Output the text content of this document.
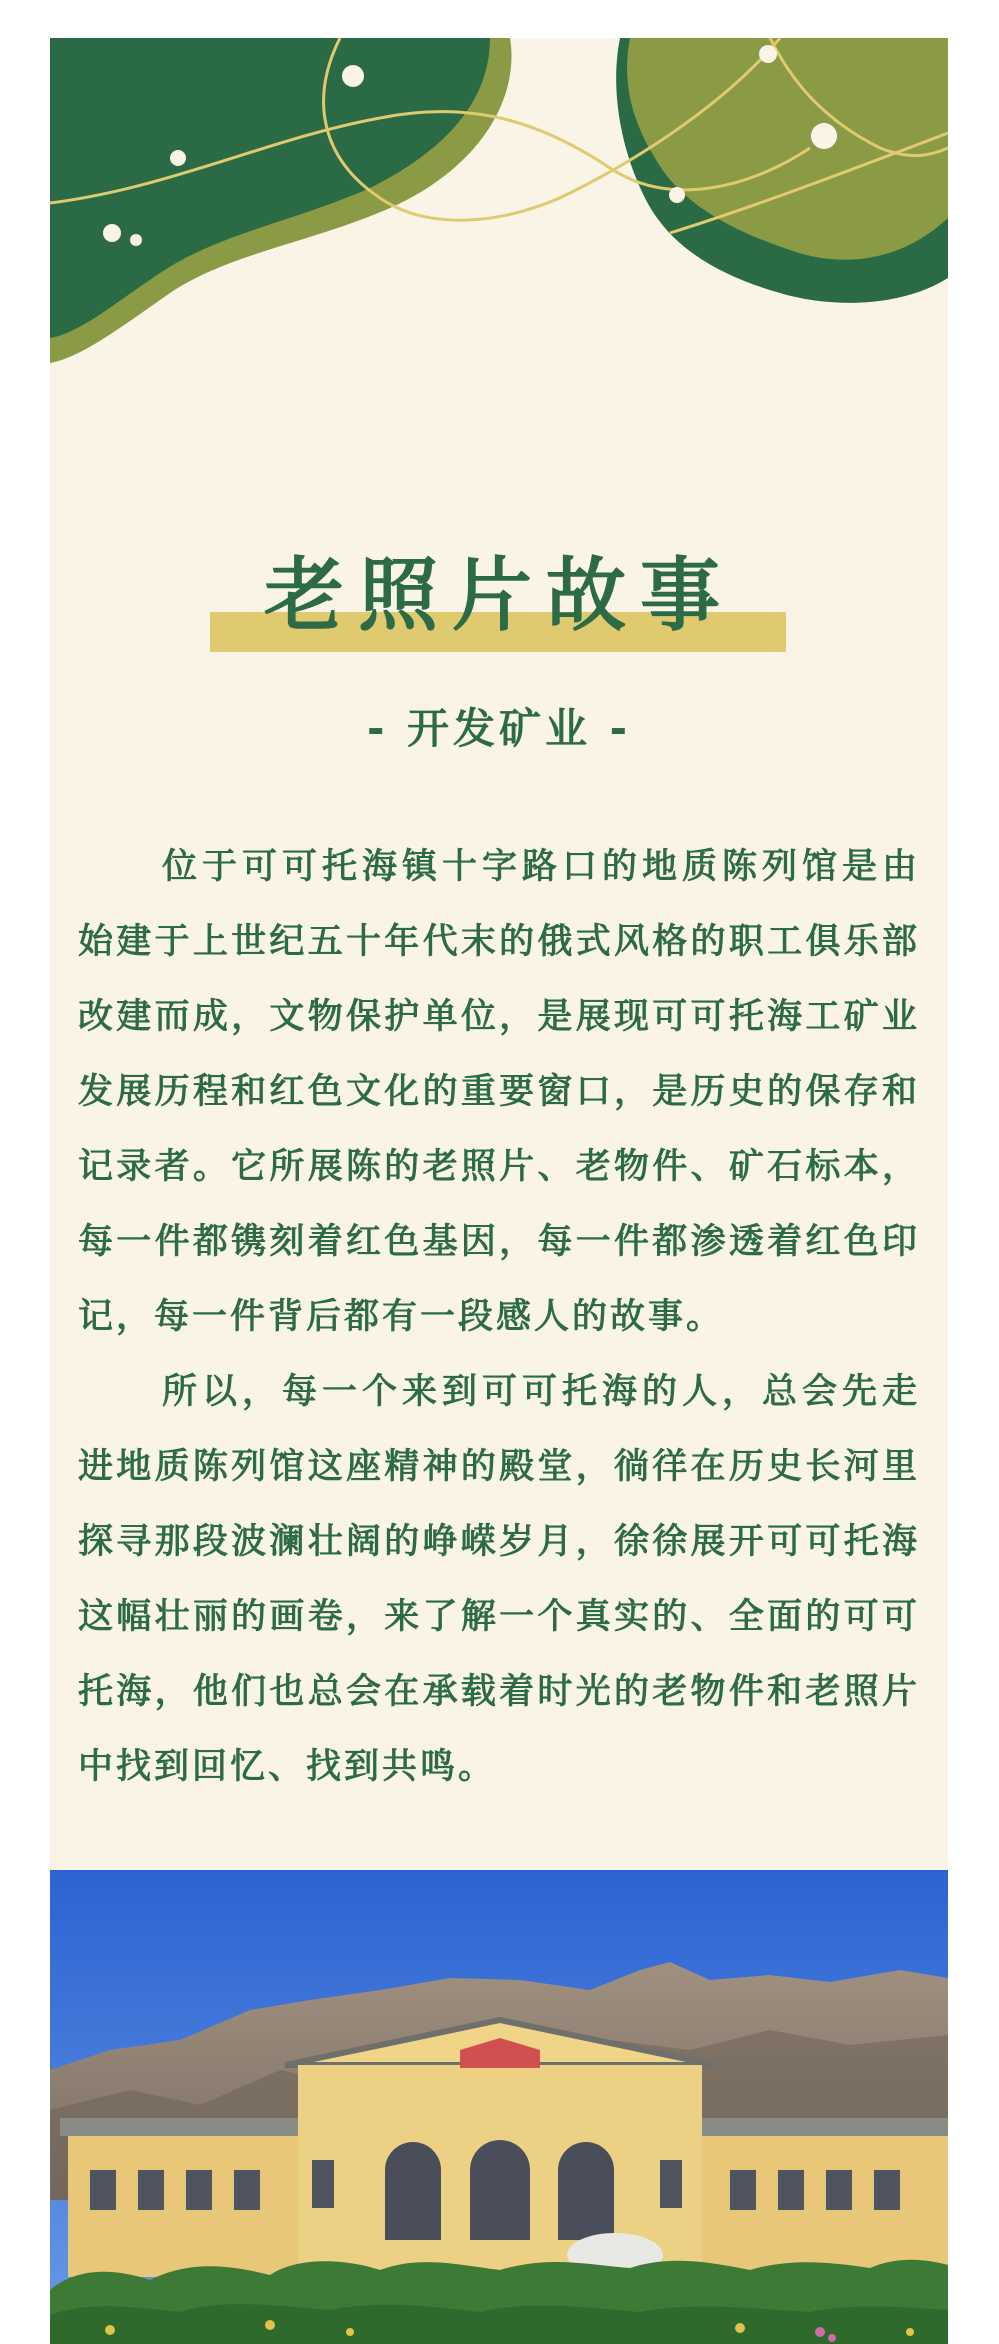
老照片故事
- 开发矿业 -

位于可可托海镇十字路口的地质陈列馆是由始建于上世纪五十年代末的俄式风格的职工俱乐部改建而成，文物保护单位，是展现可可托海工矿业发展历程和红色文化的重要窗口，是历史的保存和记录者。它所展陈的老照片、老物件、矿石标本，每一件都镌刻着红色基因，每一件都渗透着红色印记，每一件背后都有一段感人的故事。

所以，每一个来到可可托海的人，总会先走进地质陈列馆这座精神的殿堂，徜徉在历史长河里探寻那段波澜壮阔的峥嵘岁月，徐徐展开可可托海这幅壮丽的画卷，来了解一个真实的、全面的可可托海，他们也总会在承载着时光的老物件和老照片中找到回忆、找到共鸣。
